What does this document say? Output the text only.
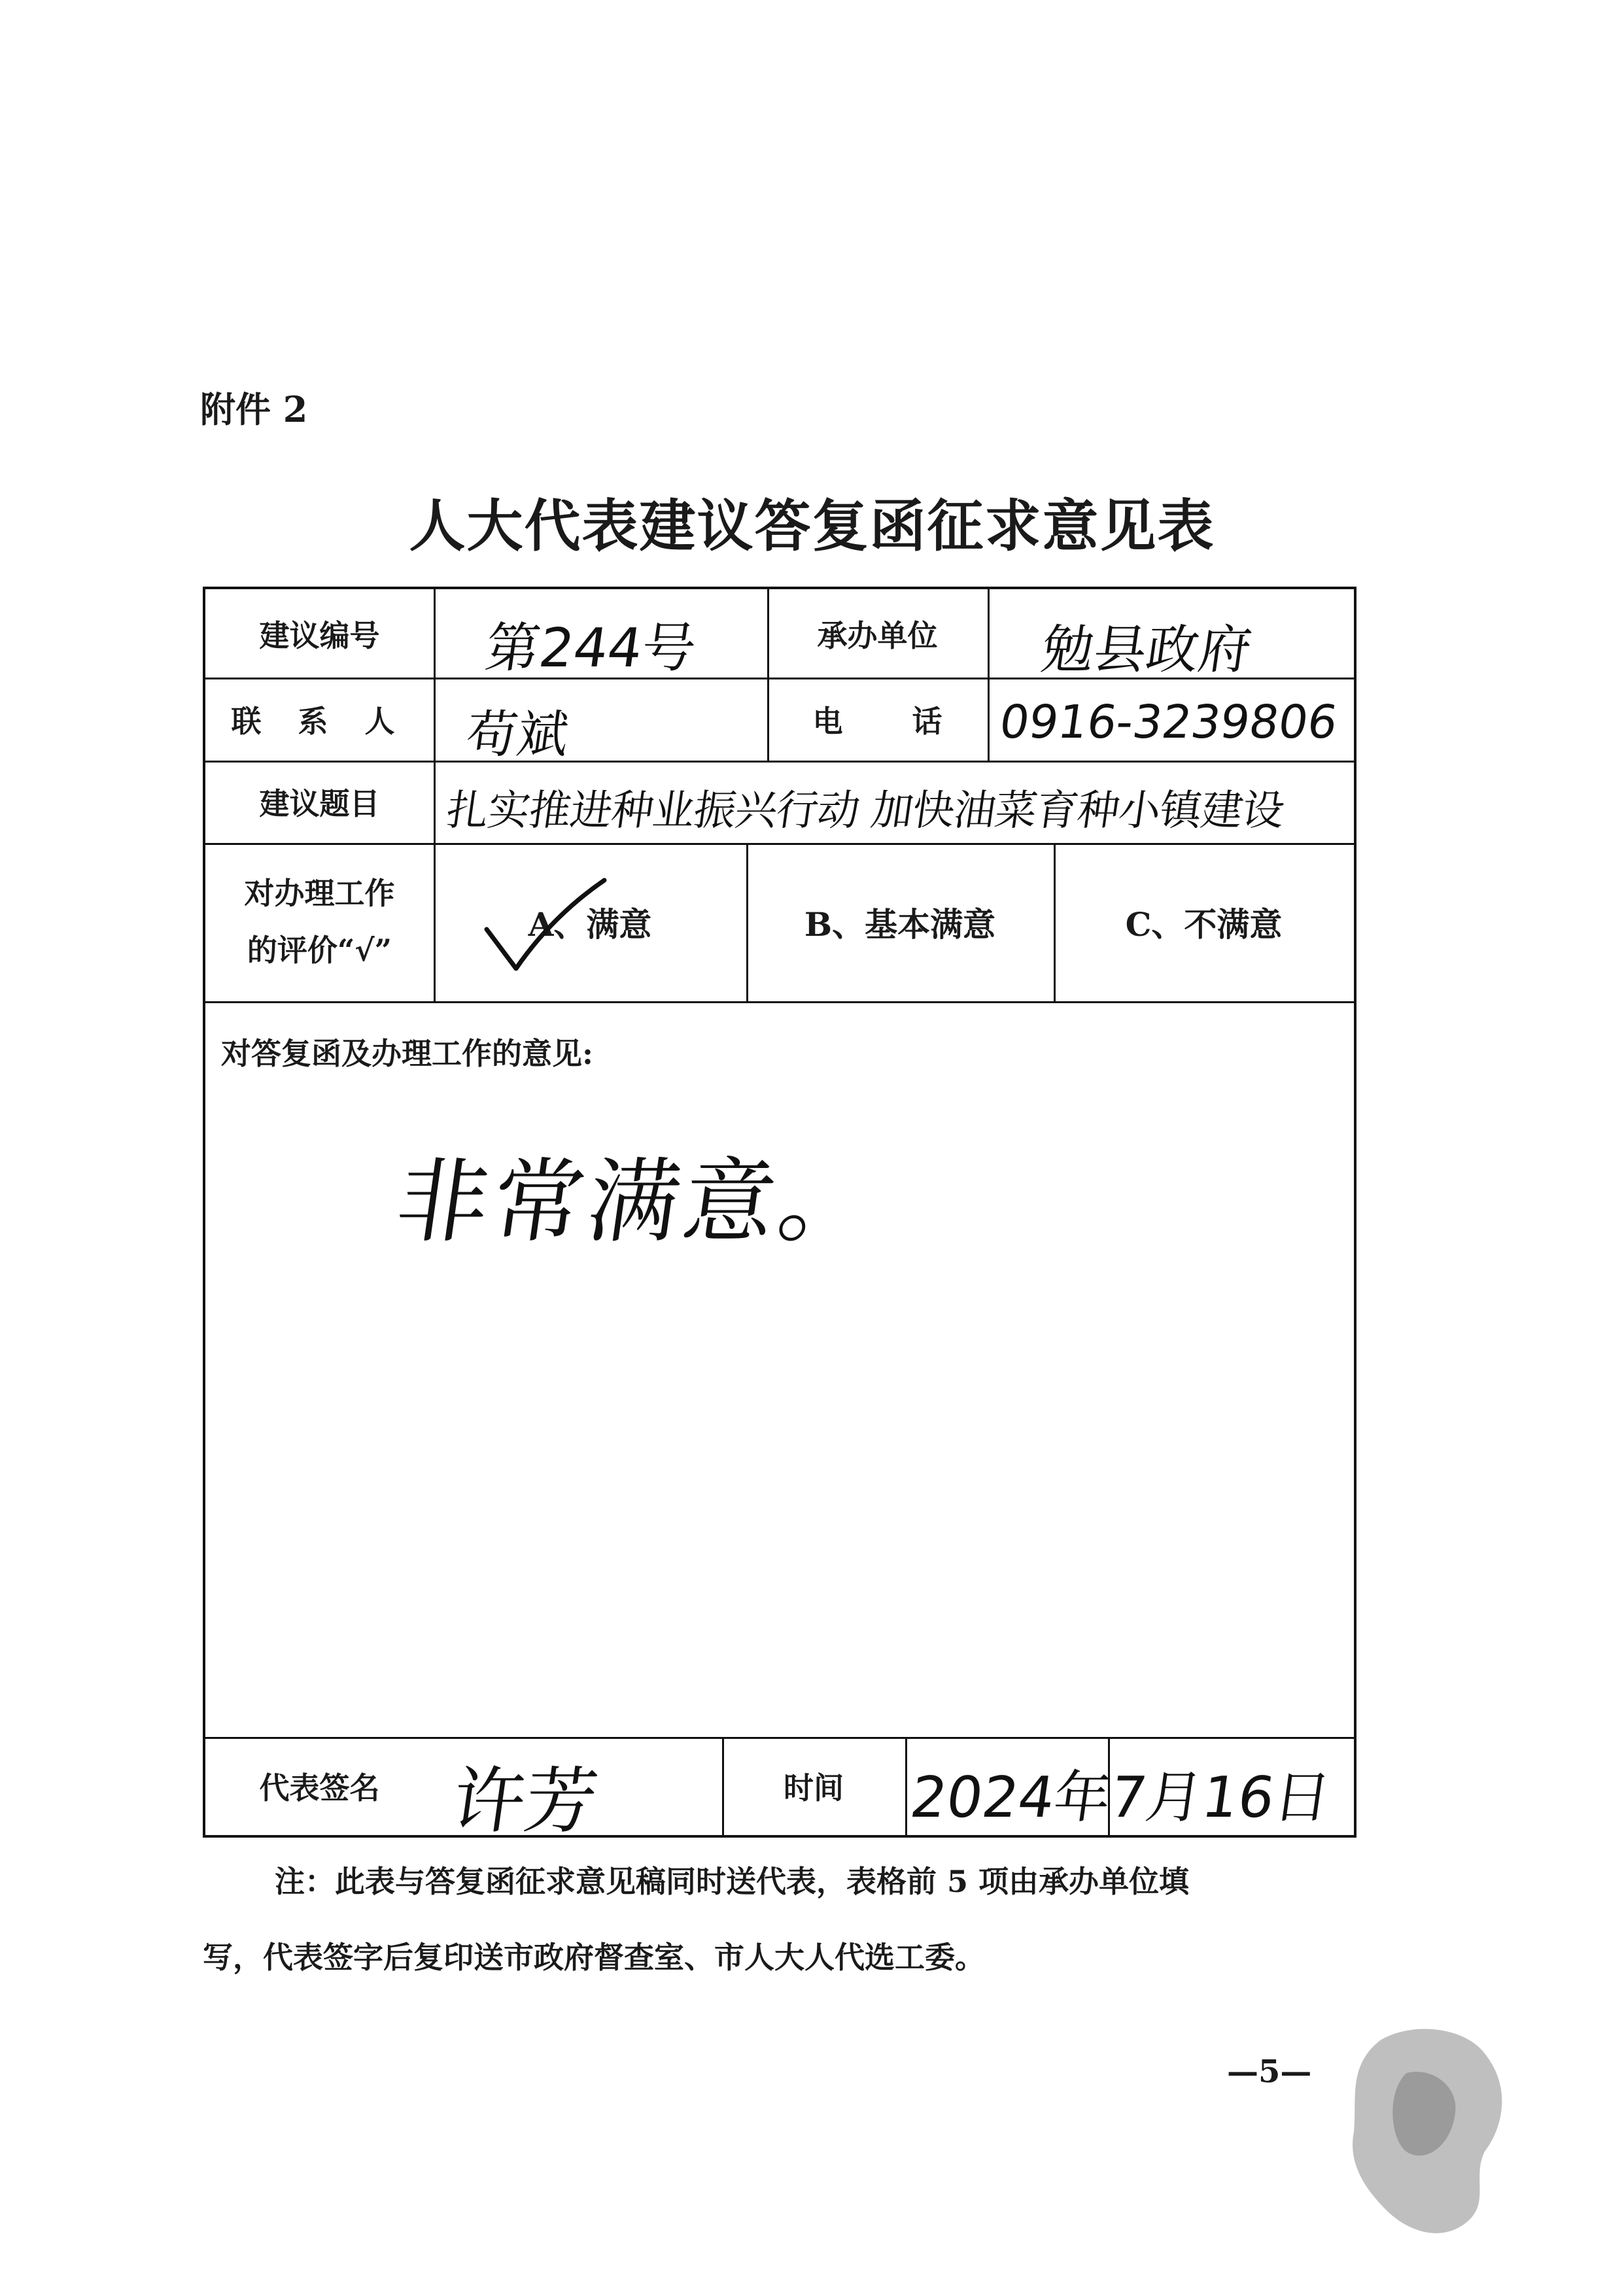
附件 2
人大代表建议答复函征求意见表
建议编号	第244号	承办单位	勉县政府
联 系 人	苟斌	电 话	0916-3239806
建议题目	扎实推进种业振兴行动 加快油菜育种小镇建设
对办理工作
的评价“√”
A、满意	B、基本满意	C、不满意
对答复函及办理工作的意见:
非常满意。
代表签名 许芳	时间	2024年7月16日
注：此表与答复函征求意见稿同时送代表，表格前 5 项由承办单位填
写，代表签字后复印送市政府督查室、市人大人代选工委。
—5—
